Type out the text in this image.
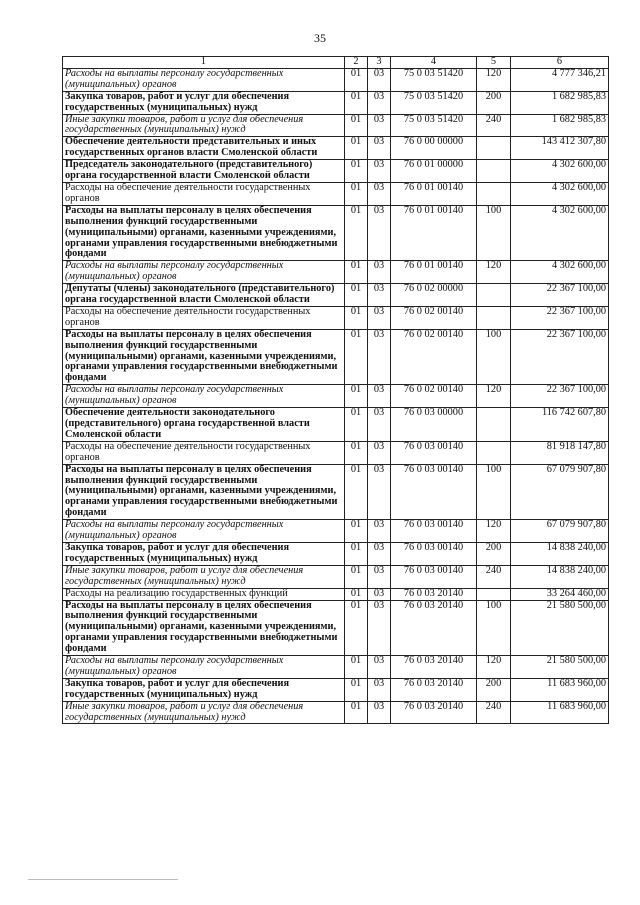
35
1	2	3	4	5	6
Расходы на выплаты персоналу государственных (муниципальных) органов	01	03	75 0 03 51420	120	4 777 346,21
Закупка товаров, работ и услуг для обеспечения государственных (муниципальных) нужд	01	03	75 0 03 51420	200	1 682 985,83
Иные закупки товаров, работ и услуг для обеспечения государственных (муниципальных) нужд	01	03	75 0 03 51420	240	1 682 985,83
Обеспечение деятельности представительных и иных государственных органов власти Смоленской области	01	03	76 0 00 00000		143 412 307,80
Председатель законодательного (представительного) органа государственной власти Смоленской области	01	03	76 0 01 00000		4 302 600,00
Расходы на обеспечение деятельности государственных органов	01	03	76 0 01 00140		4 302 600,00
Расходы на выплаты персоналу в целях обеспечения выполнения функций государственными (муниципальными) органами, казенными учреждениями, органами управления государственными внебюджетными фондами	01	03	76 0 01 00140	100	4 302 600,00
Расходы на выплаты персоналу государственных (муниципальных) органов	01	03	76 0 01 00140	120	4 302 600,00
Депутаты (члены) законодательного (представительного) органа государственной власти Смоленской области	01	03	76 0 02 00000		22 367 100,00
Расходы на обеспечение деятельности государственных органов	01	03	76 0 02 00140		22 367 100,00
Расходы на выплаты персоналу в целях обеспечения выполнения функций государственными (муниципальными) органами, казенными учреждениями, органами управления государственными внебюджетными фондами	01	03	76 0 02 00140	100	22 367 100,00
Расходы на выплаты персоналу государственных (муниципальных) органов	01	03	76 0 02 00140	120	22 367 100,00
Обеспечение деятельности законодательного (представительного) органа государственной власти Смоленской области	01	03	76 0 03 00000		116 742 607,80
Расходы на обеспечение деятельности государственных органов	01	03	76 0 03 00140		81 918 147,80
Расходы на выплаты персоналу в целях обеспечения выполнения функций государственными (муниципальными) органами, казенными учреждениями, органами управления государственными внебюджетными фондами	01	03	76 0 03 00140	100	67 079 907,80
Расходы на выплаты персоналу государственных (муниципальных) органов	01	03	76 0 03 00140	120	67 079 907,80
Закупка товаров, работ и услуг для обеспечения государственных (муниципальных) нужд	01	03	76 0 03 00140	200	14 838 240,00
Иные закупки товаров, работ и услуг для обеспечения государственных (муниципальных) нужд	01	03	76 0 03 00140	240	14 838 240,00
Расходы на реализацию государственных функций	01	03	76 0 03 20140		33 264 460,00
Расходы на выплаты персоналу в целях обеспечения выполнения функций государственными (муниципальными) органами, казенными учреждениями, органами управления государственными внебюджетными фондами	01	03	76 0 03 20140	100	21 580 500,00
Расходы на выплаты персоналу государственных (муниципальных) органов	01	03	76 0 03 20140	120	21 580 500,00
Закупка товаров, работ и услуг для обеспечения государственных (муниципальных) нужд	01	03	76 0 03 20140	200	11 683 960,00
Иные закупки товаров, работ и услуг для обеспечения государственных (муниципальных) нужд	01	03	76 0 03 20140	240	11 683 960,00
